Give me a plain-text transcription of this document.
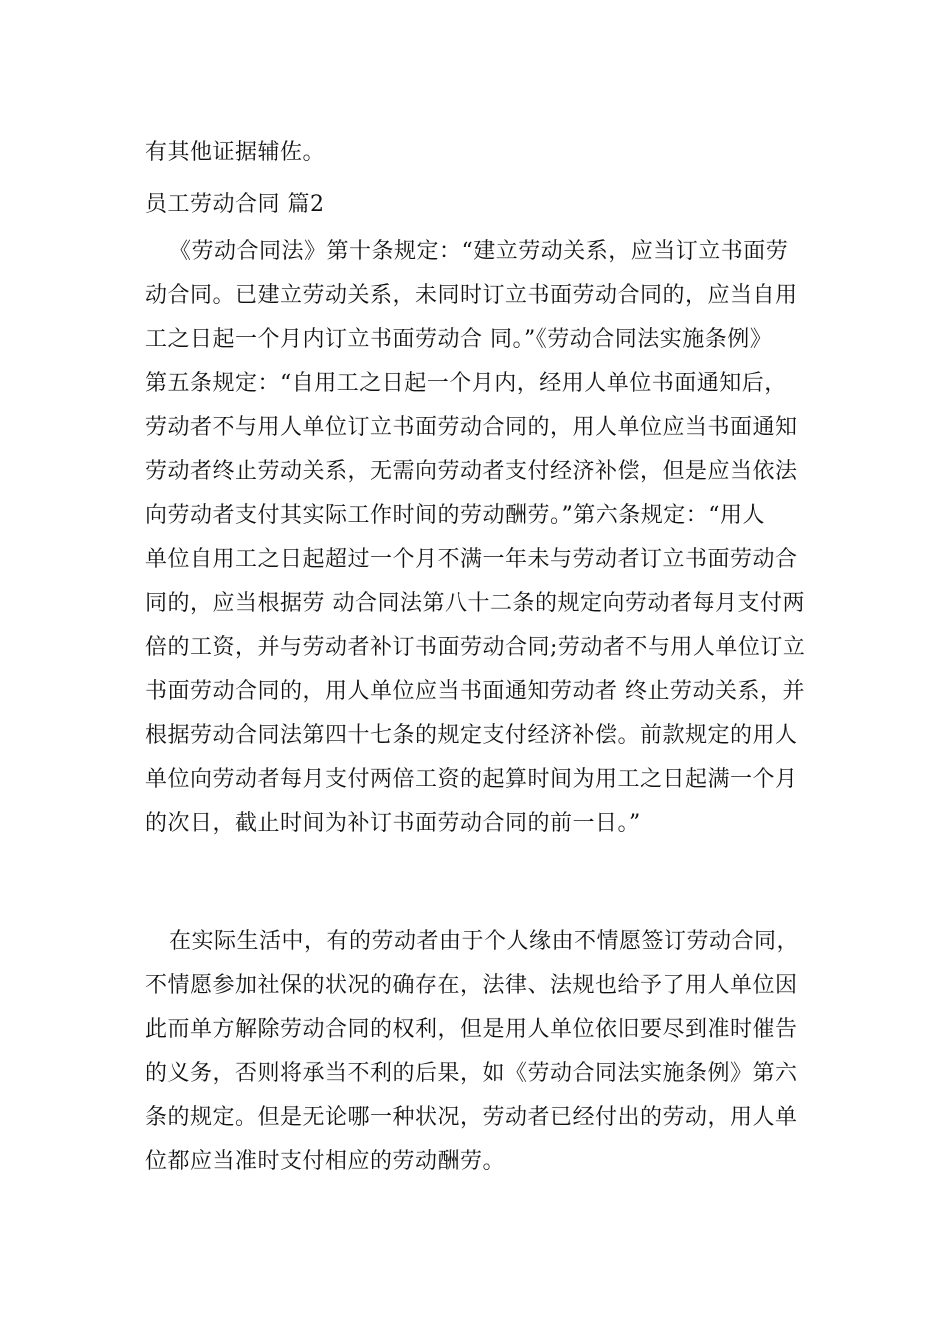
有其他证据辅佐。
员工劳动合同 篇2
《劳动合同法》第十条规定：“建立劳动关系，应当订立书面劳
动合同。已建立劳动关系，未同时订立书面劳动合同的，应当自用
工之日起一个月内订立书面劳动合 同。”《劳动合同法实施条例》
第五条规定：“自用工之日起一个月内，经用人单位书面通知后，
劳动者不与用人单位订立书面劳动合同的，用人单位应当书面通知
劳动者终止劳动关系，无需向劳动者支付经济补偿，但是应当依法
向劳动者支付其实际工作时间的劳动酬劳。”第六条规定：“用人
单位自用工之日起超过一个月不满一年未与劳动者订立书面劳动合
同的，应当根据劳 动合同法第八十二条的规定向劳动者每月支付两
倍的工资，并与劳动者补订书面劳动合同;劳动者不与用人单位订立
书面劳动合同的，用人单位应当书面通知劳动者 终止劳动关系，并
根据劳动合同法第四十七条的规定支付经济补偿。前款规定的用人
单位向劳动者每月支付两倍工资的起算时间为用工之日起满一个月
的次日，截止时间为补订书面劳动合同的前一日。”
在实际生活中，有的劳动者由于个人缘由不情愿签订劳动合同，
不情愿参加社保的状况的确存在，法律、法规也给予了用人单位因
此而单方解除劳动合同的权利，但是用人单位依旧要尽到准时催告
的义务，否则将承当不利的后果，如《劳动合同法实施条例》第六
条的规定。但是无论哪一种状况，劳动者已经付出的劳动，用人单
位都应当准时支付相应的劳动酬劳。
